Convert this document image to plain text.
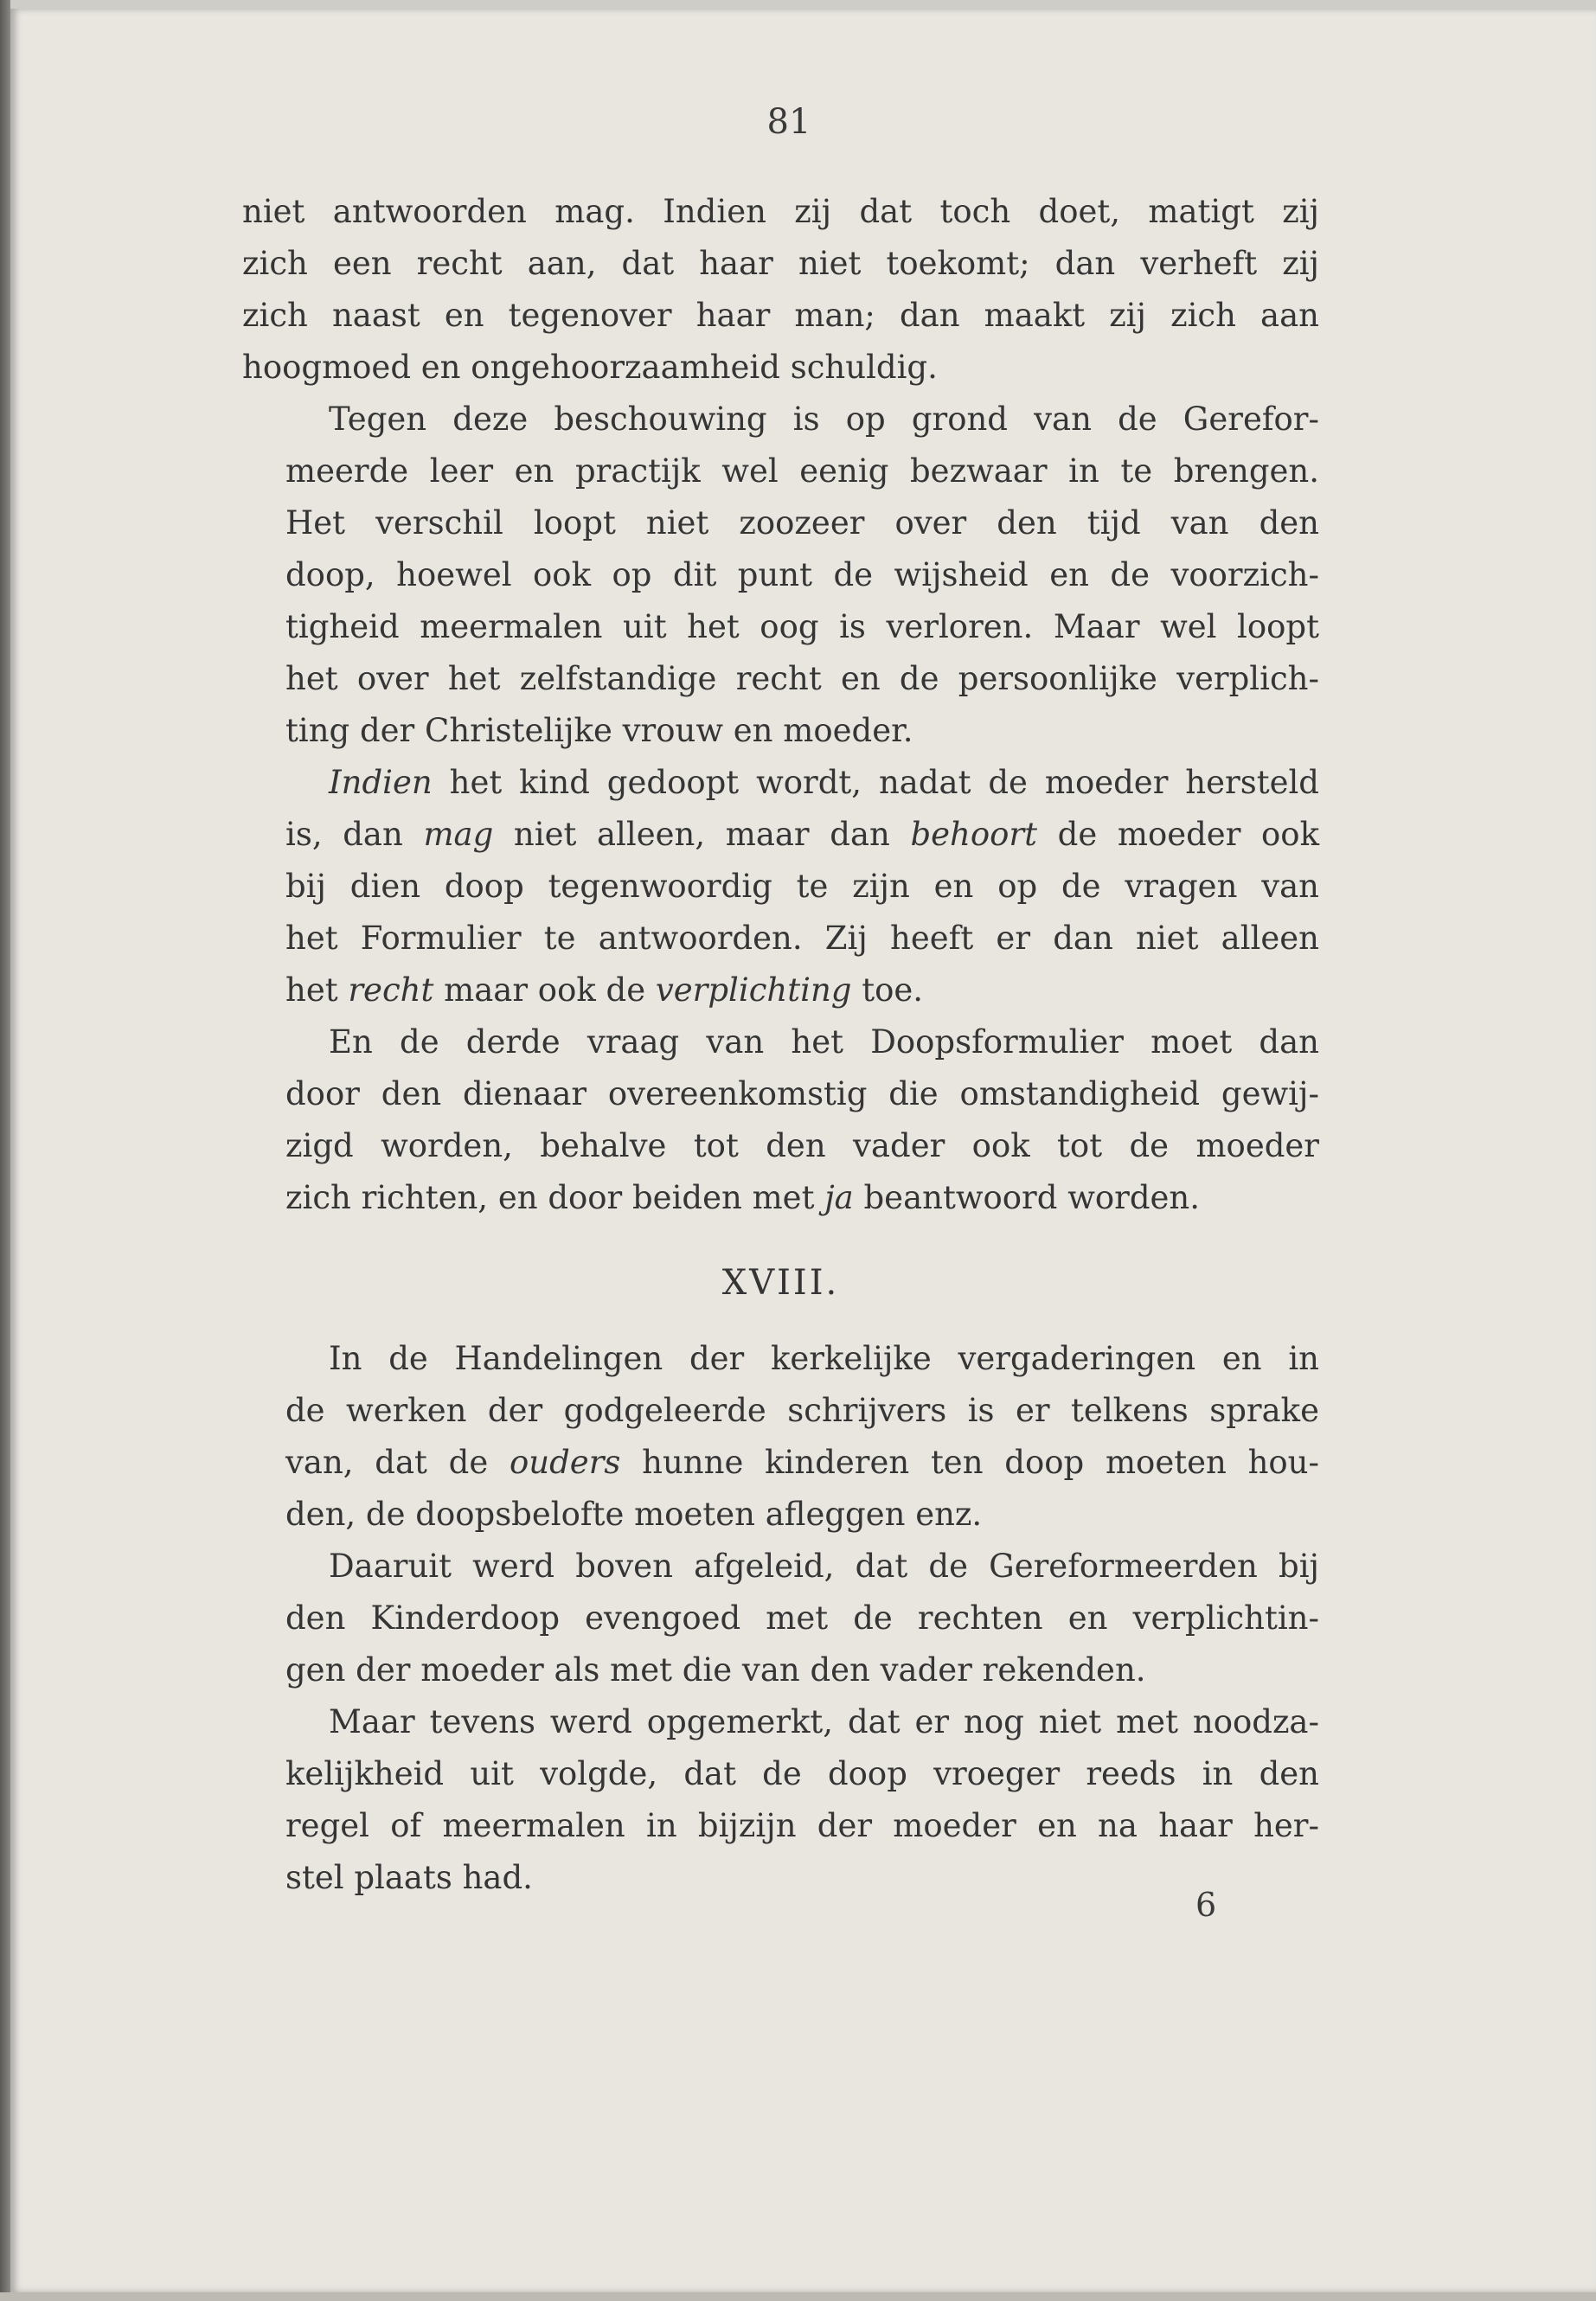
81
niet antwoorden mag. Indien zij dat toch doet, matigt zij
zich een recht aan, dat haar niet toekomt; dan verheft zij
zich naast en tegenover haar man; dan maakt zij zich aan
hoogmoed en ongehoorzaamheid schuldig.
Tegen deze beschouwing is op grond van de Gerefor-
meerde leer en practijk wel eenig bezwaar in te brengen.
Het verschil loopt niet zoozeer over den tijd van den
doop, hoewel ook op dit punt de wijsheid en de voorzich-
tigheid meermalen uit het oog is verloren. Maar wel loopt
het over het zelfstandige recht en de persoonlijke verplich-
ting der Christelijke vrouw en moeder.
Indien het kind gedoopt wordt, nadat de moeder hersteld
is, dan mag niet alleen, maar dan behoort de moeder ook
bij dien doop tegenwoordig te zijn en op de vragen van
het Formulier te antwoorden. Zij heeft er dan niet alleen
het recht maar ook de verplichting toe.
En de derde vraag van het Doopsformulier moet dan
door den dienaar overeenkomstig die omstandigheid gewij-
zigd worden, behalve tot den vader ook tot de moeder
zich richten, en door beiden met ja beantwoord worden.
XVIII.
In de Handelingen der kerkelijke vergaderingen en in
de werken der godgeleerde schrijvers is er telkens sprake
van, dat de ouders hunne kinderen ten doop moeten hou-
den, de doopsbelofte moeten afleggen enz.
Daaruit werd boven afgeleid, dat de Gereformeerden bij
den Kinderdoop evengoed met de rechten en verplichtin-
gen der moeder als met die van den vader rekenden.
Maar tevens werd opgemerkt, dat er nog niet met noodza-
kelijkheid uit volgde, dat de doop vroeger reeds in den
regel of meermalen in bijzijn der moeder en na haar her-
stel plaats had.
6
